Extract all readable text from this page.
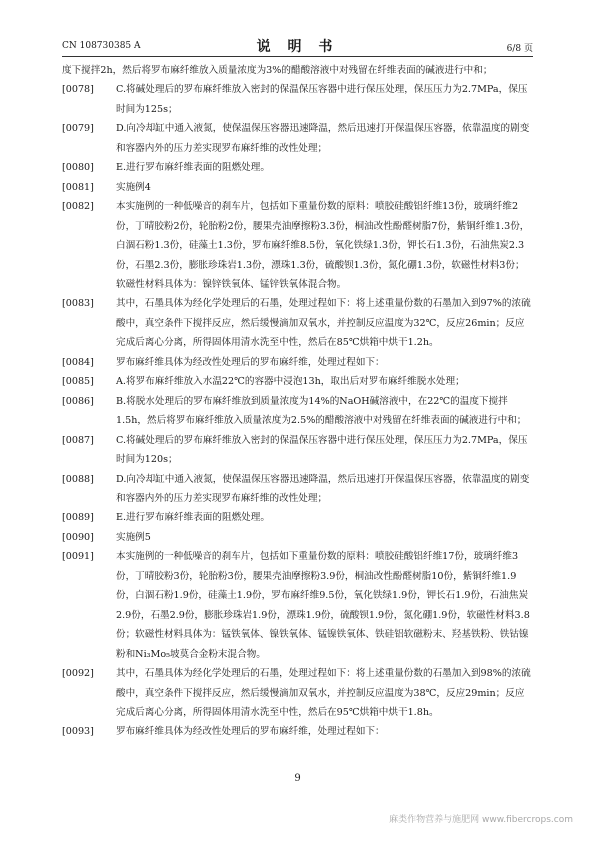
CN 108730385 A	说 明 书	6/8 页
度下搅拌2h，然后将罗布麻纤维放入质量浓度为3%的醋酸溶液中对残留在纤维表面的碱液进行中和；
[0078] C.将碱处理后的罗布麻纤维放入密封的保温保压容器中进行保压处理，保压压力为2.7MPa，保压时间为125s；
[0079] D.向冷却缸中通入液氮，使保温保压容器迅速降温，然后迅速打开保温保压容器，依靠温度的剧变和容器内外的压力差实现罗布麻纤维的改性处理；
[0080] E.进行罗布麻纤维表面的阻燃处理。
[0081] 实施例4
[0082] 本实施例的一种低噪音的刹车片，包括如下重量份数的原料：喷胶硅酸铝纤维13份，玻璃纤维2份，丁晴胶粉2份，轮胎粉2份，腰果壳油摩擦粉3.3份，桐油改性酚醛树脂7份，紫铜纤维1.3份，白涸石粉1.3份，硅藻土1.3份，罗布麻纤维8.5份，氧化铁绿1.3份，钾长石1.3份，石油焦炭2.3份，石墨2.3份，膨胀珍珠岩1.3份，漂珠1.3份，硫酸钡1.3份，氮化硼1.3份，软磁性材料3份；软磁性材料具体为：镍锌铁氧体、锰锌铁氧体混合物。
[0083] 其中，石墨具体为经化学处理后的石墨，处理过程如下：将上述重量份数的石墨加入到97%的浓硫酸中，真空条件下搅拌反应，然后缓慢滴加双氧水，并控制反应温度为32℃，反应26min；反应完成后离心分离，所得固体用清水洗至中性，然后在85℃烘箱中烘干1.2h。
[0084] 罗布麻纤维具体为经改性处理后的罗布麻纤维，处理过程如下：
[0085] A.将罗布麻纤维放入水温22℃的容器中浸泡13h，取出后对罗布麻纤维脱水处理；
[0086] B.将脱水处理后的罗布麻纤维放到质量浓度为14%的NaOH碱溶液中，在22℃的温度下搅拌1.5h，然后将罗布麻纤维放入质量浓度为2.5%的醋酸溶液中对残留在纤维表面的碱液进行中和；
[0087] C.将碱处理后的罗布麻纤维放入密封的保温保压容器中进行保压处理，保压压力为2.7MPa，保压时间为120s；
[0088] D.向冷却缸中通入液氮，使保温保压容器迅速降温，然后迅速打开保温保压容器，依靠温度的剧变和容器内外的压力差实现罗布麻纤维的改性处理；
[0089] E.进行罗布麻纤维表面的阻燃处理。
[0090] 实施例5
[0091] 本实施例的一种低噪音的刹车片，包括如下重量份数的原料：喷胶硅酸铝纤维17份，玻璃纤维3份，丁晴胶粉3份，轮胎粉3份，腰果壳油摩擦粉3.9份，桐油改性酚醛树脂10份，紫铜纤维1.9份，白涸石粉1.9份，硅藻土1.9份，罗布麻纤维9.5份，氧化铁绿1.9份，钾长石1.9份，石油焦炭2.9份，石墨2.9份，膨胀珍珠岩1.9份，漂珠1.9份，硫酸钡1.9份，氮化硼1.9份，软磁性材料3.8份；软磁性材料具体为：锰铁氧体、镍铁氧体、锰镍铁氧体、铁硅铝软磁粉末、羟基铁粉、铁钴镍粉和Ni₃Mo₅坡莫合金粉末混合物。
[0092] 其中，石墨具体为经化学处理后的石墨，处理过程如下：将上述重量份数的石墨加入到98%的浓硫酸中，真空条件下搅拌反应，然后缓慢滴加双氧水，并控制反应温度为38℃，反应29min；反应完成后离心分离，所得固体用清水洗至中性，然后在95℃烘箱中烘干1.8h。
[0093] 罗布麻纤维具体为经改性处理后的罗布麻纤维，处理过程如下：
9
麻类作物营养与施肥网 www.fibercrops.com
